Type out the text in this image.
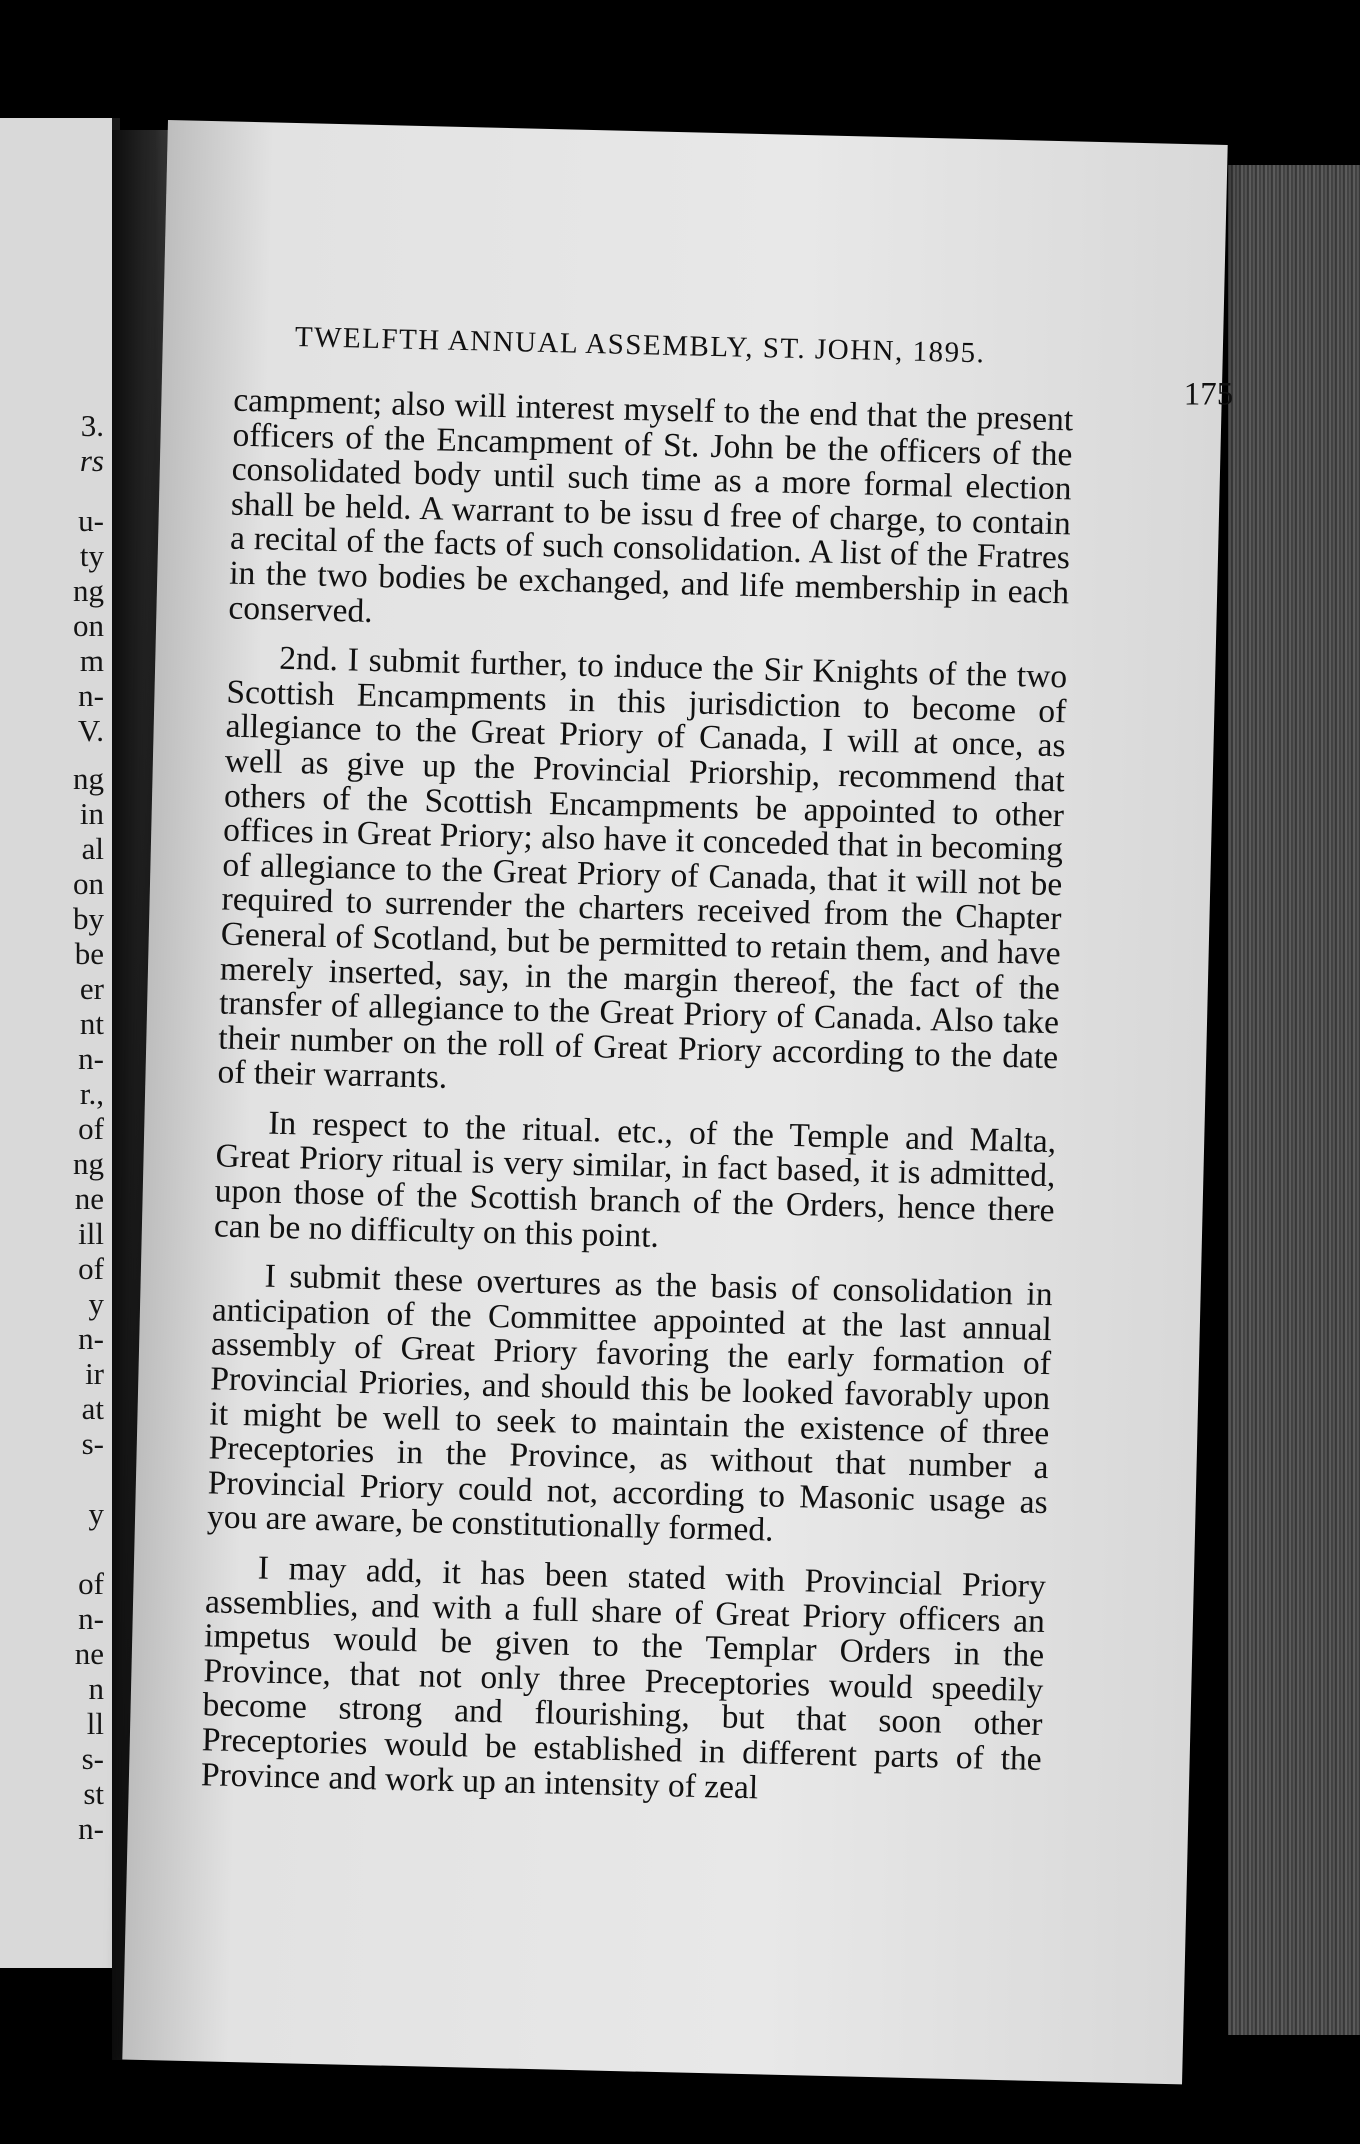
3.
rs
u-
ty
ng
on
m
n-
V.
ng
in
al
on
by
be
er
nt
n-
r.,
of
ng
ne
ill
of
y
n-
ir
at
s-
y
of
n-
ne
n
ll
s-
st
n-
TWELFTH ANNUAL ASSEMBLY, ST. JOHN, 1895.
175

campment; also will interest myself to the end that the present officers of the Encampment of St. John be the officers of the consolidated body until such time as a more formal election shall be held. A warrant to be issu d free of charge, to contain a recital of the facts of such consolidation. A list of the Fratres in the two bodies be exchanged, and life membership in each conserved.

2nd. I submit further, to induce the Sir Knights of the two Scottish Encampments in this jurisdiction to become of allegiance to the Great Priory of Canada, I will at once, as well as give up the Provincial Priorship, recommend that others of the Scottish Encampments be appointed to other offices in Great Priory; also have it conceded that in becoming of allegiance to the Great Priory of Canada, that it will not be required to surrender the charters received from the Chapter General of Scotland, but be permitted to retain them, and have merely inserted, say, in the margin thereof, the fact of the transfer of allegiance to the Great Priory of Canada. Also take their number on the roll of Great Priory according to the date of their warrants.

In respect to the ritual. etc., of the Temple and Malta, Great Priory ritual is very similar, in fact based, it is admitted, upon those of the Scottish branch of the Orders, hence there can be no difficulty on this point.

I submit these overtures as the basis of consolidation in anticipation of the Committee appointed at the last annual assembly of Great Priory favoring the early formation of Provincial Priories, and should this be looked favorably upon it might be well to seek to maintain the existence of three Preceptories in the Province, as without that number a Provincial Priory could not, according to Masonic usage as you are aware, be constitutionally formed.

I may add, it has been stated with Provincial Priory assemblies, and with a full share of Great Priory officers an impetus would be given to the Templar Orders in the Province, that not only three Preceptories would speedily become strong and flourishing, but that soon other Preceptories would be established in different parts of the Province and work up an intensity of zeal
